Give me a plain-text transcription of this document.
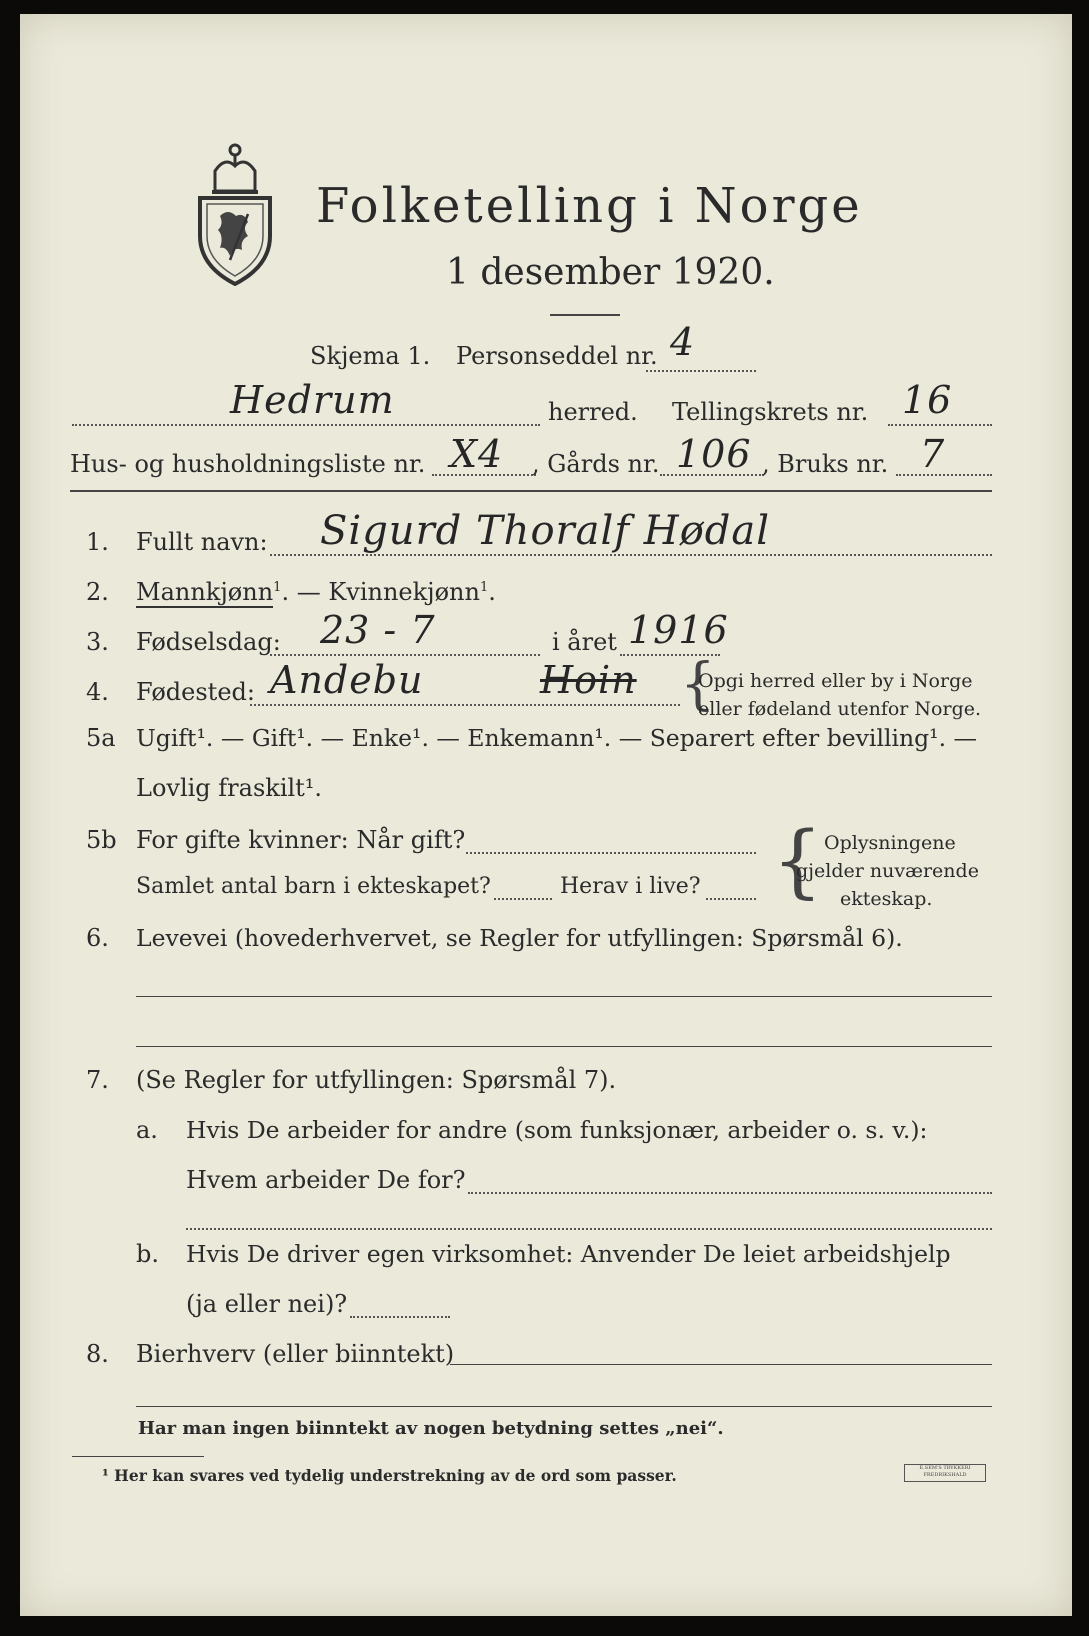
Folketelling i Norge
1 desember 1920.
Skjema 1. Personseddel nr. 4
Hedrum	herred. Tellingskrets nr. 16
Hus- og husholdningsliste nr. X4 , Gårds nr. 106 , Bruks nr. 7
1. Fullt navn: Sigurd Thoralf Hødal
2. Mannkjønn$^1$. — Kvinnekjønn$^1$.
3. Fødselsdag: 23 - 7	i året 1916
4. Fødested: Andebu	Hoin {
Opgi herred eller by i Norge
eller fødeland utenfor Norge.
5a Ugift¹. — Gift¹. — Enke¹. — Enkemann¹. — Separert efter bevilling¹. —
Lovlig fraskilt¹.
5b For gifte kvinner: Når gift?
Samlet antal barn i ekteskapet?	Herav i live? { Oplysningene
gjelder nuværende
ekteskap.
6. Levevei (hovederhvervet, se Regler for utfyllingen: Spørsmål 6).
7. (Se Regler for utfyllingen: Spørsmål 7).
a. Hvis De arbeider for andre (som funksjonær, arbeider o. s. v.):
Hvem arbeider De for?
b. Hvis De driver egen virksomhet: Anvender De leiet arbeidshjelp
(ja eller nei)?
8. Bierhverv (eller biinntekt)
Har man ingen biinntekt av nogen betydning settes „nei“.
¹ Her kan svares ved tydelig understrekning av de ord som passer.	E.SEM'S TRYKKERI FREDRIKSHALD
